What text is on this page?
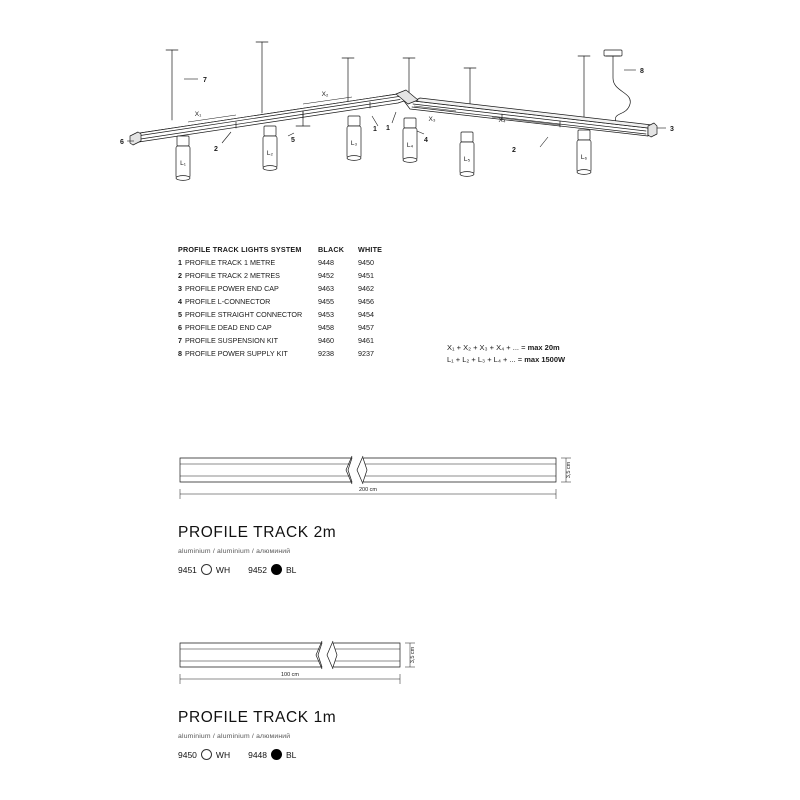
L₁
L₂
L₃	L₄
L₅	L₆
X₁
X₂
X₃	X₄
7
8
6
3
5	4
2	2
1 1
PROFILE TRACK LIGHTS SYSTEM	BLACK	WHITE
1 PROFILE TRACK 1 METRE	9448	9450
2 PROFILE TRACK 2 METRES	9452	9451
3 PROFILE POWER END CAP	9463	9462
4 PROFILE L-CONNECTOR	9455	9456
5 PROFILE STRAIGHT CONNECTOR	9453	9454
6 PROFILE DEAD END CAP	9458	9457
7 PROFILE SUSPENSION KIT	9460	9461
8 PROFILE POWER SUPPLY KIT	9238	9237
X₁ + X₂ + X₃ + X₄ + ... = max 20m
L₁ + L₂ + L₃ + L₄ + ... = max 1500W
200 cm
3,5 cm
PROFILE TRACK 2m
aluminium / aluminium / алюминий
9451 WH 9452 BL
100 cm
3,5 cm
PROFILE TRACK 1m
aluminium / aluminium / алюминий
9450 WH 9448 BL
